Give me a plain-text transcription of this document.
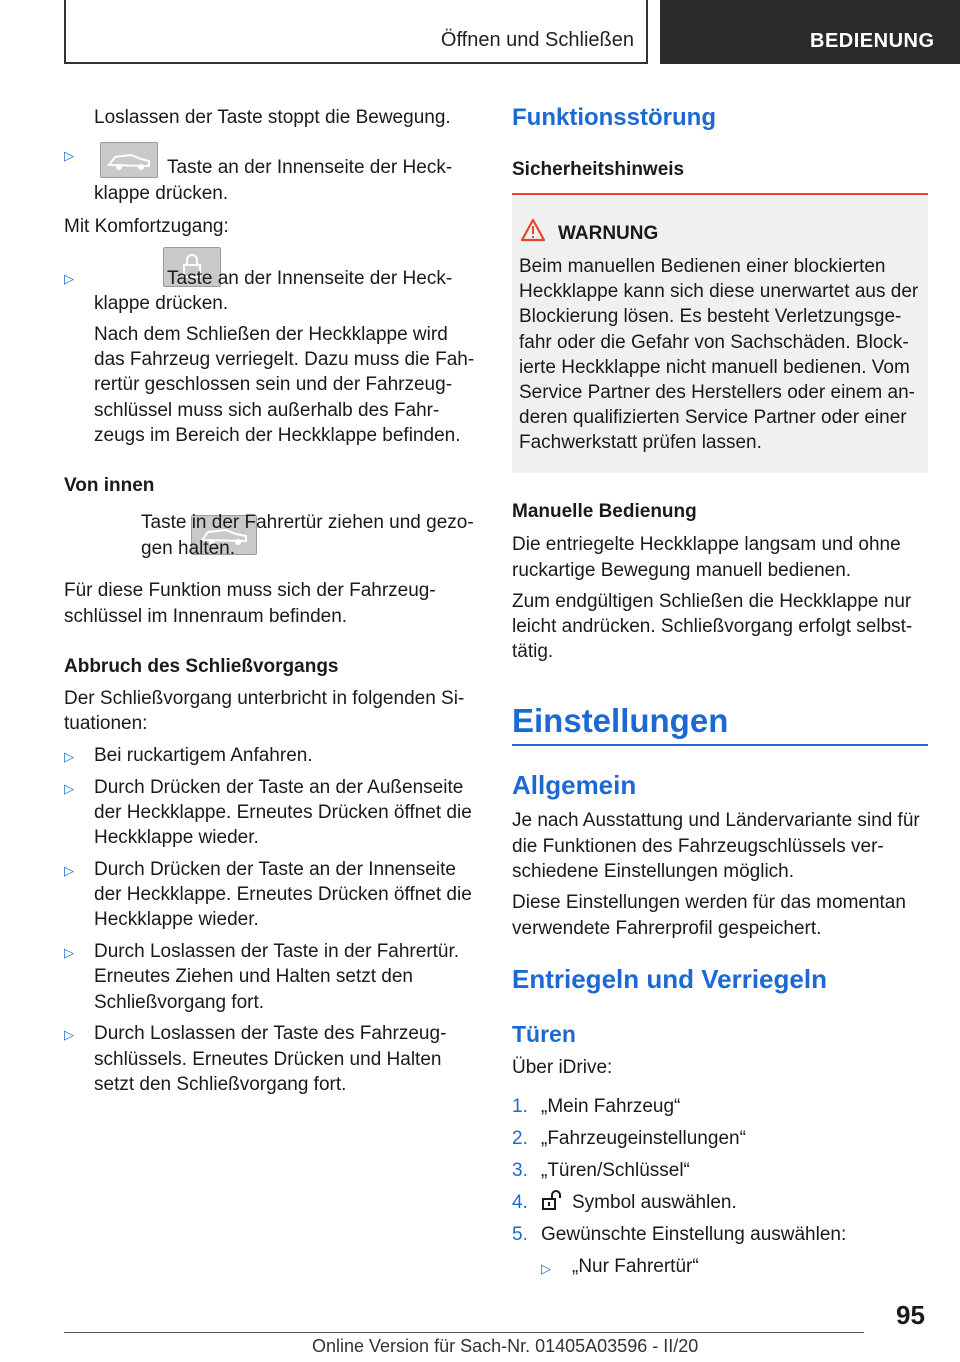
Öffnen und Schließen	BEDIENUNG

Loslassen der Taste stoppt die Bewegung.

▷

Taste an der Innenseite der Heck-

klappe drücken.

Mit Komfortzugang:

▷
	Taste an der Innenseite der Heck-

klappe drücken.

Nach dem Schließen der Heckklappe wird

das Fahrzeug verriegelt. Dazu muss die Fah-

rertür geschlossen sein und der Fahrzeug-

schlüssel muss sich außerhalb des Fahr-

zeugs im Bereich der Heckklappe befinden.

Von innen

Taste in der Fahrertür ziehen und gezo-

gen halten.

Für diese Funktion muss sich der Fahrzeug-

schlüssel im Innenraum befinden.

Abbruch des Schließvorgangs

Der Schließvorgang unterbricht in folgenden Si-

tuationen:

▷ Bei ruckartigem Anfahren.

▷ Durch Drücken der Taste an der Außenseite

der Heckklappe. Erneutes Drücken öffnet die

Heckklappe wieder.

▷ Durch Drücken der Taste an der Innenseite

der Heckklappe. Erneutes Drücken öffnet die

Heckklappe wieder.

▷ Durch Loslassen der Taste in der Fahrertür.

Erneutes Ziehen und Halten setzt den

Schließvorgang fort.

▷ Durch Loslassen der Taste des Fahrzeug-

schlüssels. Erneutes Drücken und Halten

setzt den Schließvorgang fort.

Funktionsstörung

Sicherheitshinweis

WARNUNG

Beim manuellen Bedienen einer blockierten

Heckklappe kann sich diese unerwartet aus der

Blockierung lösen. Es besteht Verletzungsge-

fahr oder die Gefahr von Sachschäden. Block-

ierte Heckklappe nicht manuell bedienen. Vom

Service Partner des Herstellers oder einem an-

deren qualifizierten Service Partner oder einer

Fachwerkstatt prüfen lassen.

Manuelle Bedienung

Die entriegelte Heckklappe langsam und ohne

ruckartige Bewegung manuell bedienen.

Zum endgültigen Schließen die Heckklappe nur

leicht andrücken. Schließvorgang erfolgt selbst-

tätig.

Einstellungen

Allgemein

Je nach Ausstattung und Ländervariante sind für

die Funktionen des Fahrzeugschlüssels ver-

schiedene Einstellungen möglich.

Diese Einstellungen werden für das momentan

verwendete Fahrerprofil gespeichert.

Entriegeln und Verriegeln

Türen

Über iDrive:

1. „Mein Fahrzeug“

2. „Fahrzeugeinstellungen“

3. „Türen/Schlüssel“

4. Symbol auswählen.

5. Gewünschte Einstellung auswählen:

▷ „Nur Fahrertür“

95

Online Version für Sach-Nr. 01405A03596 - II/20
